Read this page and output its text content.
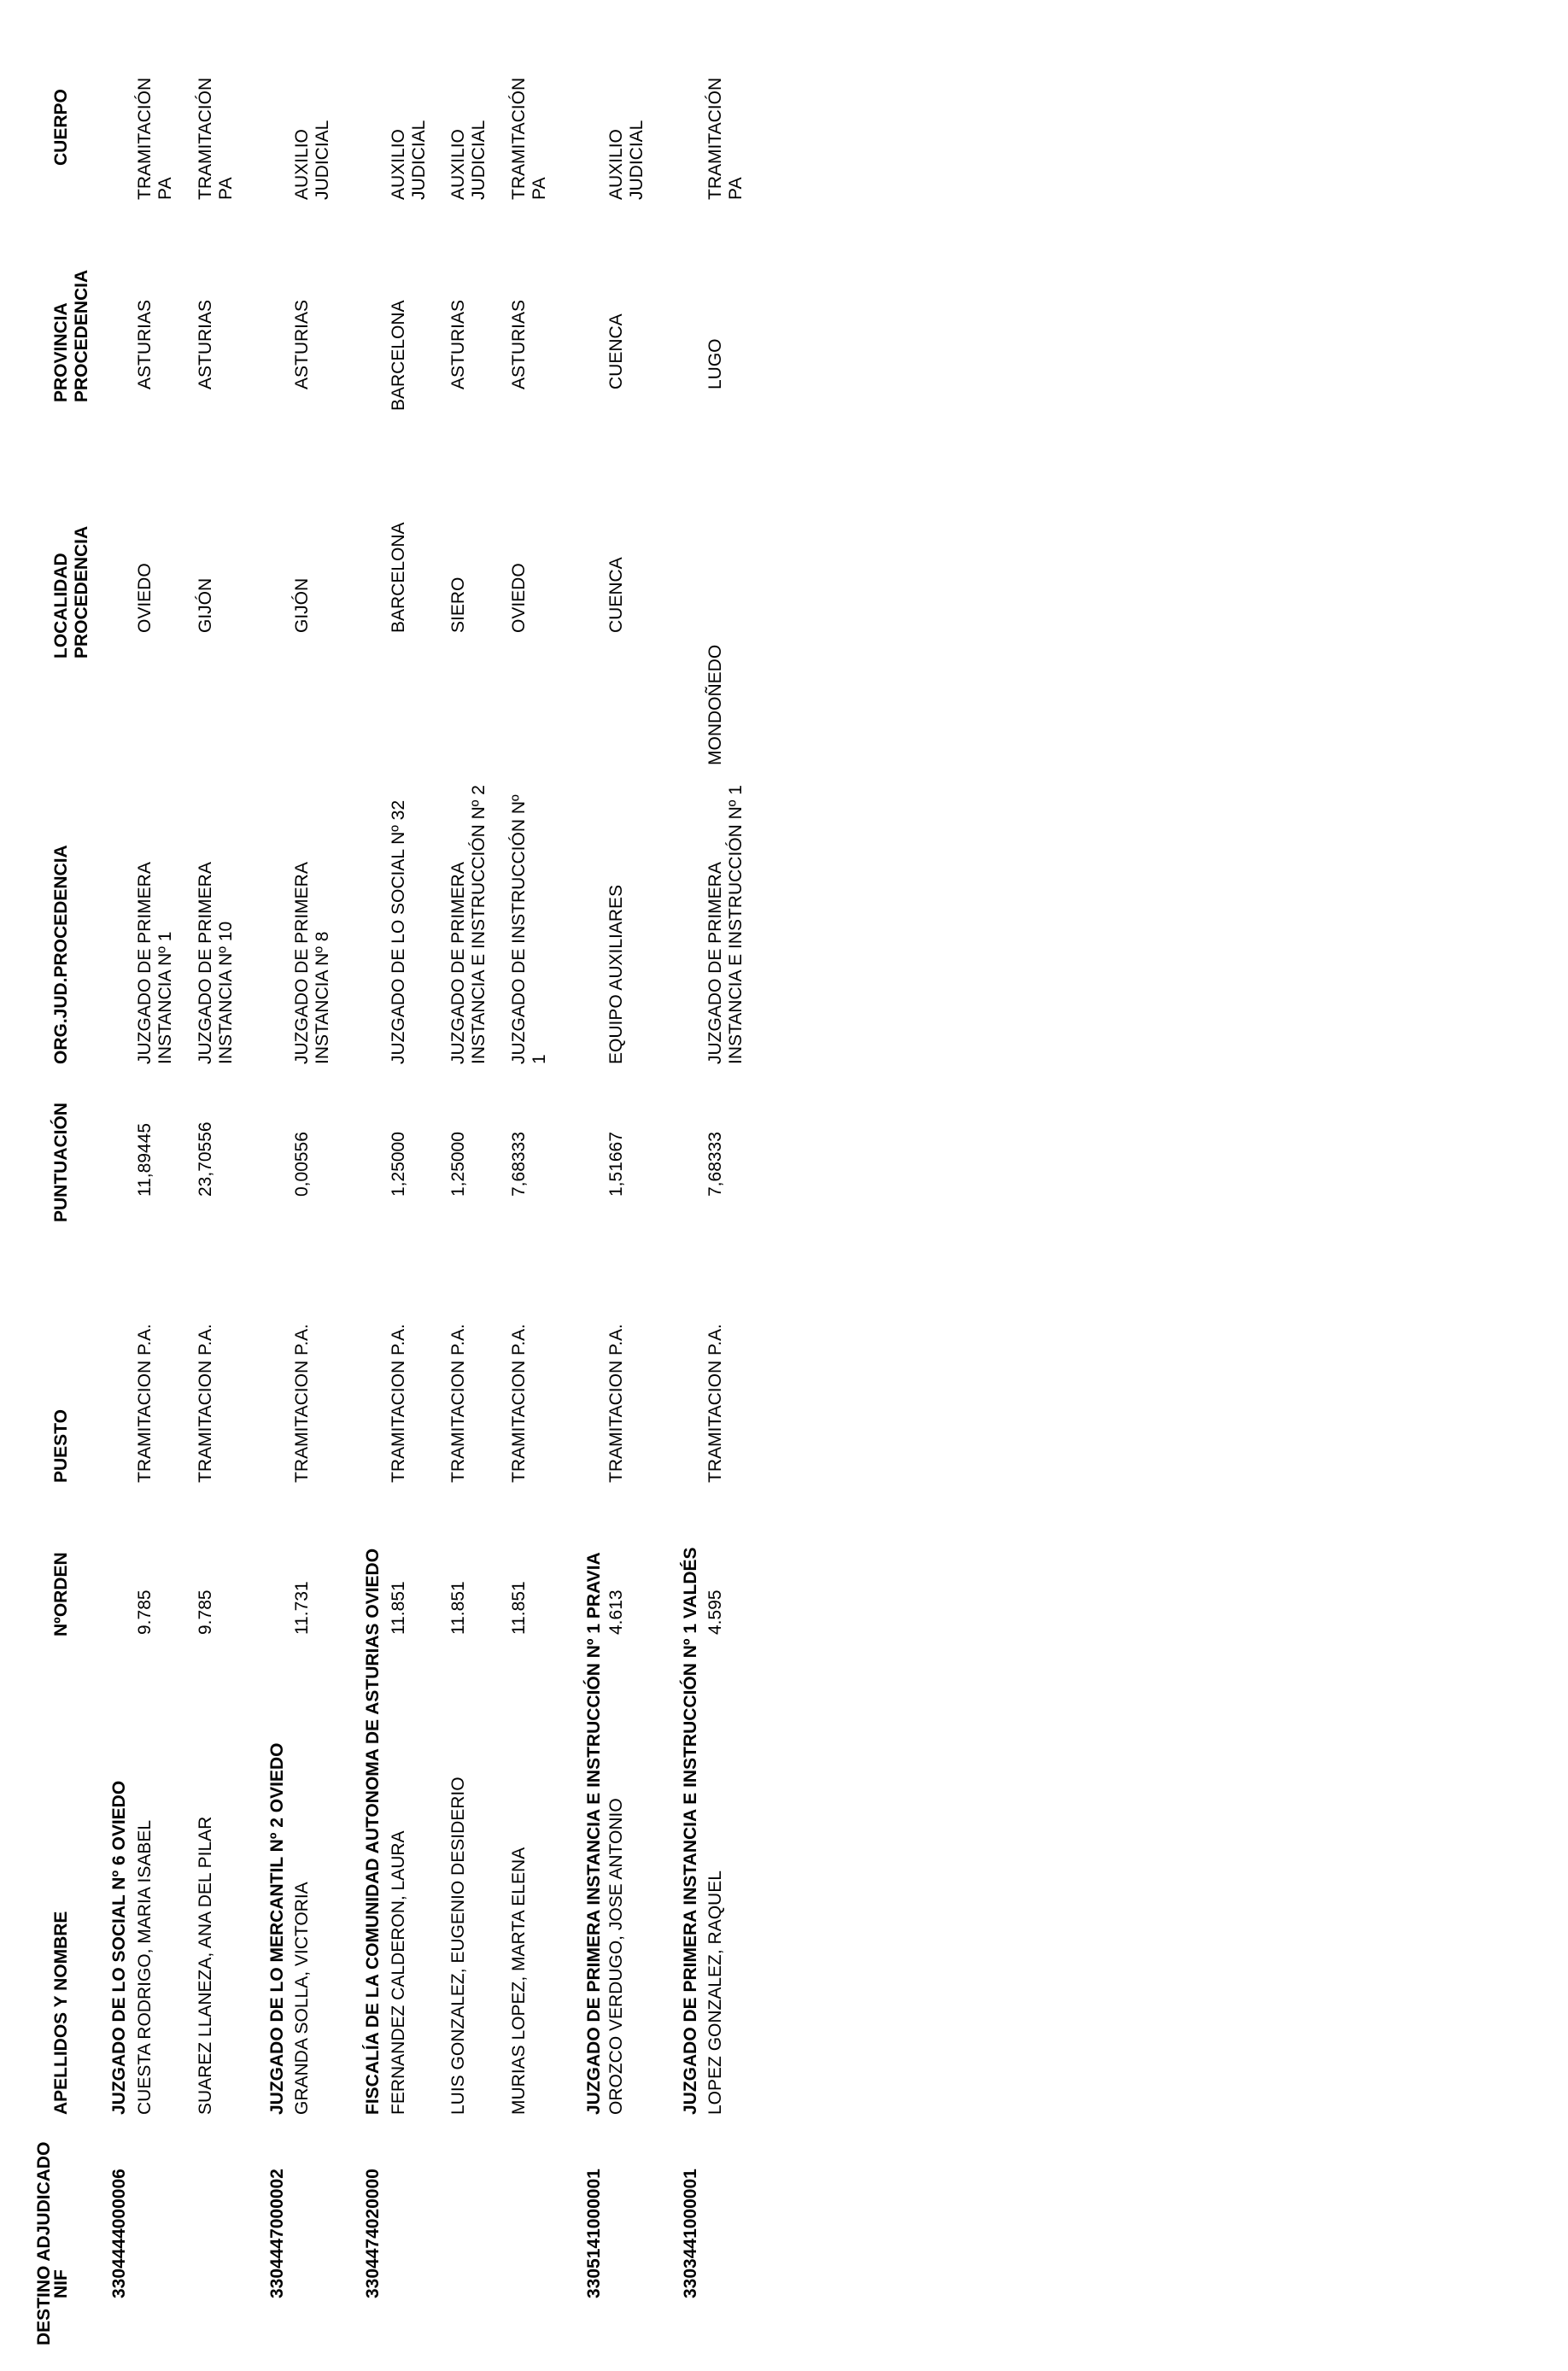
DESTINO ADJUDICADO
NIF
APELLIDOS Y NOMBRE
NºORDEN
PUESTO
PUNTUACIÓN
ORG.JUD.PROCEDENCIA
LOCALIDAD
PROCEDENCIA
PROVINCIA
PROCEDENCIA
CUERPO
3304444000006
JUZGADO DE LO SOCIAL Nº 6 OVIEDO CUESTA RODRIGO, MARIA ISABEL
9.785
TRAMITACION P.A.
11,89445
JUZGADO DE PRIMERA
INSTANCIA Nº 1
OVIEDO
ASTURIAS
TRAMITACIÓN
PA
SUAREZ LLANEZA, ANA DEL PILAR
9.785
TRAMITACION P.A.
23,70556
JUZGADO DE PRIMERA
INSTANCIA Nº 10
GIJÓN
ASTURIAS
TRAMITACIÓN
PA
3304447000002
JUZGADO DE LO MERCANTIL Nº 2 OVIEDO GRANDA SOLLA, VICTORIA
11.731
TRAMITACION P.A.
0,00556
JUZGADO DE PRIMERA
INSTANCIA Nº 8
GIJÓN
ASTURIAS
AUXILIO
JUDICIAL
3304474020000
FISCALÍA DE LA COMUNIDAD AUTONOMA DE ASTURIAS OVIEDO FERNANDEZ CALDERON, LAURA
11.851
TRAMITACION P.A.
1,25000
JUZGADO DE LO SOCIAL Nº 32
BARCELONA
BARCELONA
AUXILIO
JUDICIAL
LUIS GONZALEZ, EUGENIO DESIDERIO
11.851
TRAMITACION P.A.
1,25000
JUZGADO DE PRIMERA
INSTANCIA E INSTRUCCIÓN Nº 2
SIERO
ASTURIAS
AUXILIO
JUDICIAL
MURIAS LOPEZ, MARTA ELENA
11.851
TRAMITACION P.A.
7,68333
JUZGADO DE INSTRUCCIÓN Nº
1
OVIEDO
ASTURIAS
TRAMITACIÓN
PA
3305141000001
JUZGADO DE PRIMERA INSTANCIA E INSTRUCCIÓN Nº 1 PRAVIA OROZCO VERDUGO, JOSE ANTONIO
4.613
TRAMITACION P.A.
1,51667
EQUIPO AUXILIARES
CUENCA
CUENCA
AUXILIO
JUDICIAL
3303441000001
JUZGADO DE PRIMERA INSTANCIA E INSTRUCCIÓN Nº 1 VALDÉS LOPEZ GONZALEZ, RAQUEL
4.595
TRAMITACION P.A.
7,68333
JUZGADO DE PRIMERA
INSTANCIA E INSTRUCCIÓN Nº 1
MONDOÑEDO
LUGO
TRAMITACIÓN
PA
